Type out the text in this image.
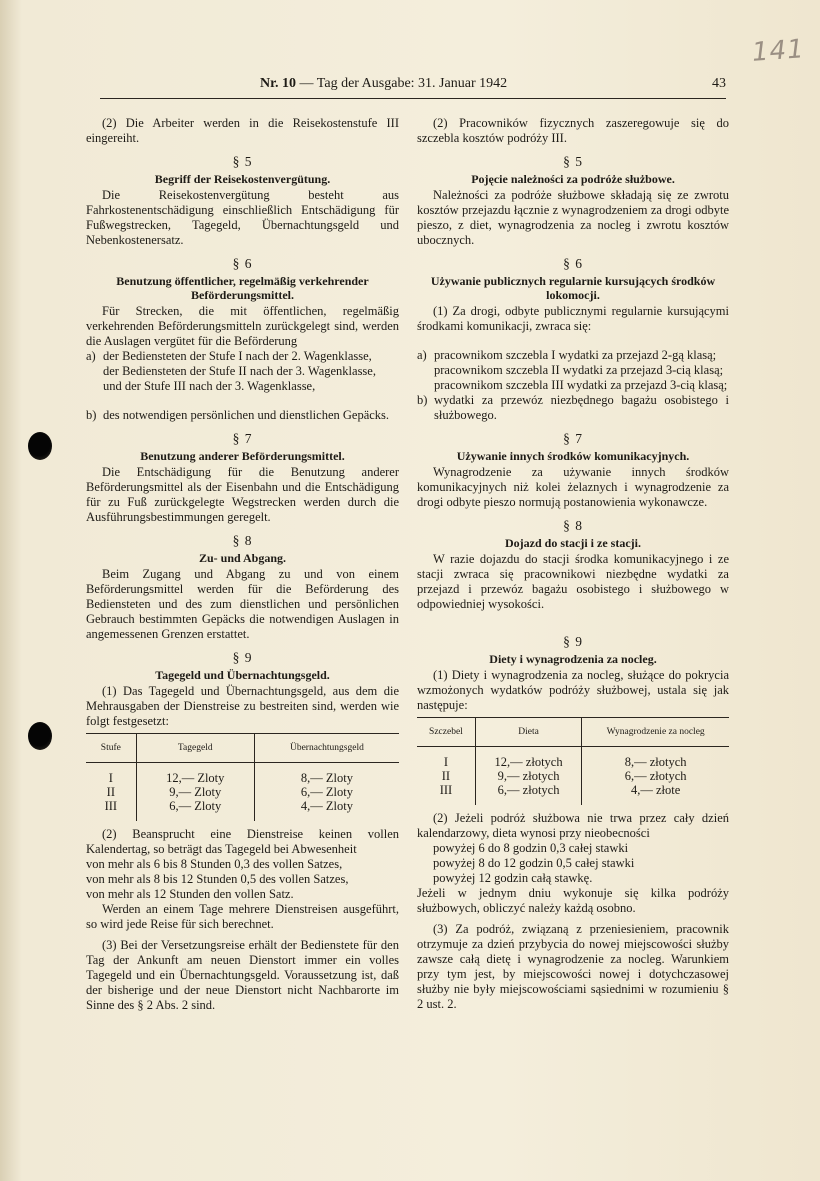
141
Nr. 10 — Tag der Ausgabe: 31. Januar 1942	43

(2) Die Arbeiter werden in die Reisekostenstufe III eingereiht.

§ 5
Begriff der Reisekostenvergütung.

Die Reisekostenvergütung besteht aus Fahrkostenentschädigung einschließlich Entschädigung für Fußwegstrecken, Tagegeld, Übernachtungsgeld und Nebenkostenersatz.

§ 6
Benutzung öffentlicher, regelmäßig verkehrender Beförderungsmittel.

Für Strecken, die mit öffentlichen, regelmäßig verkehrenden Beförderungsmitteln zurückgelegt sind, werden die Auslagen vergütet für die Beförderung

a) der Bediensteten der Stufe I nach der 2. Wagenklasse,
der Bediensteten der Stufe II nach der 3. Wagenklasse,
und der Stufe III nach der 3. Wagenklasse,
b) des notwendigen persönlichen und dienstlichen Gepäcks.
§ 7
Benutzung anderer Beförderungsmittel.

Die Entschädigung für die Benutzung anderer Beförderungsmittel als der Eisenbahn und die Entschädigung für zu Fuß zurückgelegte Wegstrecken werden durch die Ausführungsbestimmungen geregelt.

§ 8
Zu- und Abgang.

Beim Zugang und Abgang zu und von einem Beförderungsmittel werden für die Beförderung des Bediensteten und des zum dienstlichen und persönlichen Gebrauch bestimmten Gepäcks die notwendigen Auslagen in angemessenen Grenzen erstattet.

§ 9
Tagegeld und Übernachtungsgeld.

(1) Das Tagegeld und Übernachtungsgeld, aus dem die Mehrausgaben der Dienstreise zu bestreiten sind, werden wie folgt festgesetzt:

Stufe	Tagegeld	Übernachtungsgeld

I	12,— Zloty	8,— Zloty
II	9,— Zloty	6,— Zloty
III	6,— Zloty	4,— Zloty

(2) Beansprucht eine Dienstreise keinen vollen Kalendertag, so beträgt das Tagegeld bei Abwesenheit

von mehr als 6 bis 8 Stunden 0,3 des vollen Satzes,

von mehr als 8 bis 12 Stunden 0,5 des vollen Satzes,

von mehr als 12 Stunden den vollen Satz.

Werden an einem Tage mehrere Dienstreisen ausgeführt, so wird jede Reise für sich berechnet.

(3) Bei der Versetzungsreise erhält der Bedienstete für den Tag der Ankunft am neuen Dienstort immer ein volles Tagegeld und ein Übernachtungsgeld. Voraussetzung ist, daß der bisherige und der neue Dienstort nicht Nachbarorte im Sinne des § 2 Abs. 2 sind.

(2) Pracowników fizycznych zaszeregowuje się do szczebla kosztów podróży III.

§ 5
Pojęcie należności za podróże służbowe.

Należności za podróże służbowe składają się ze zwrotu kosztów przejazdu łącznie z wynagrodzeniem za drogi odbyte pieszo, z diet, wynagrodzenia za nocleg i zwrotu kosztów ubocznych.

§ 6
Używanie publicznych regularnie kursujących środków lokomocji.

(1) Za drogi, odbyte publicznymi regularnie kursującymi środkami komunikacji, zwraca się:

a) pracownikom szczebla I wydatki za przejazd 2-gą klasą;
pracownikom szczebla II wydatki za przejazd 3-cią klasą;
pracownikom szczebla III wydatki za przejazd 3-cią klasą;
b) wydatki za przewóz niezbędnego bagażu osobistego i służbowego.
§ 7
Używanie innych środków komunikacyjnych.

Wynagrodzenie za używanie innych środków komunikacyjnych niż kolei żelaznych i wynagrodzenie za drogi odbyte pieszo normują postanowienia wykonawcze.

§ 8
Dojazd do stacji i ze stacji.

W razie dojazdu do stacji środka komunikacyjnego i ze stacji zwraca się pracownikowi niezbędne wydatki za przejazd i przewóz bagażu osobistego i służbowego w odpowiedniej wysokości.

§ 9
Diety i wynagrodzenia za nocleg.

(1) Diety i wynagrodzenia za nocleg, służące do pokrycia wzmożonych wydatków podróży służbowej, ustala się jak następuje:

Szczebel	Dieta	Wynagrodzenie za nocleg

I	12,— złotych	8,— złotych
II	9,— złotych	6,— złotych
III	6,— złotych	4,— złote

(2) Jeżeli podróż służbowa nie trwa przez cały dzień kalendarzowy, dieta wynosi przy nieobecności

powyżej 6 do 8 godzin 0,3 całej stawki

powyżej 8 do 12 godzin 0,5 całej stawki

powyżej 12 godzin całą stawkę.

Jeżeli w jednym dniu wykonuje się kilka podróży służbowych, obliczyć należy każdą osobno.

(3) Za podróż, związaną z przeniesieniem, pracownik otrzymuje za dzień przybycia do nowej miejscowości służby zawsze całą dietę i wynagrodzenie za nocleg. Warunkiem przy tym jest, by miejscowości nowej i dotychczasowej służby nie były miejscowościami sąsiednimi w rozumieniu § 2 ust. 2.
